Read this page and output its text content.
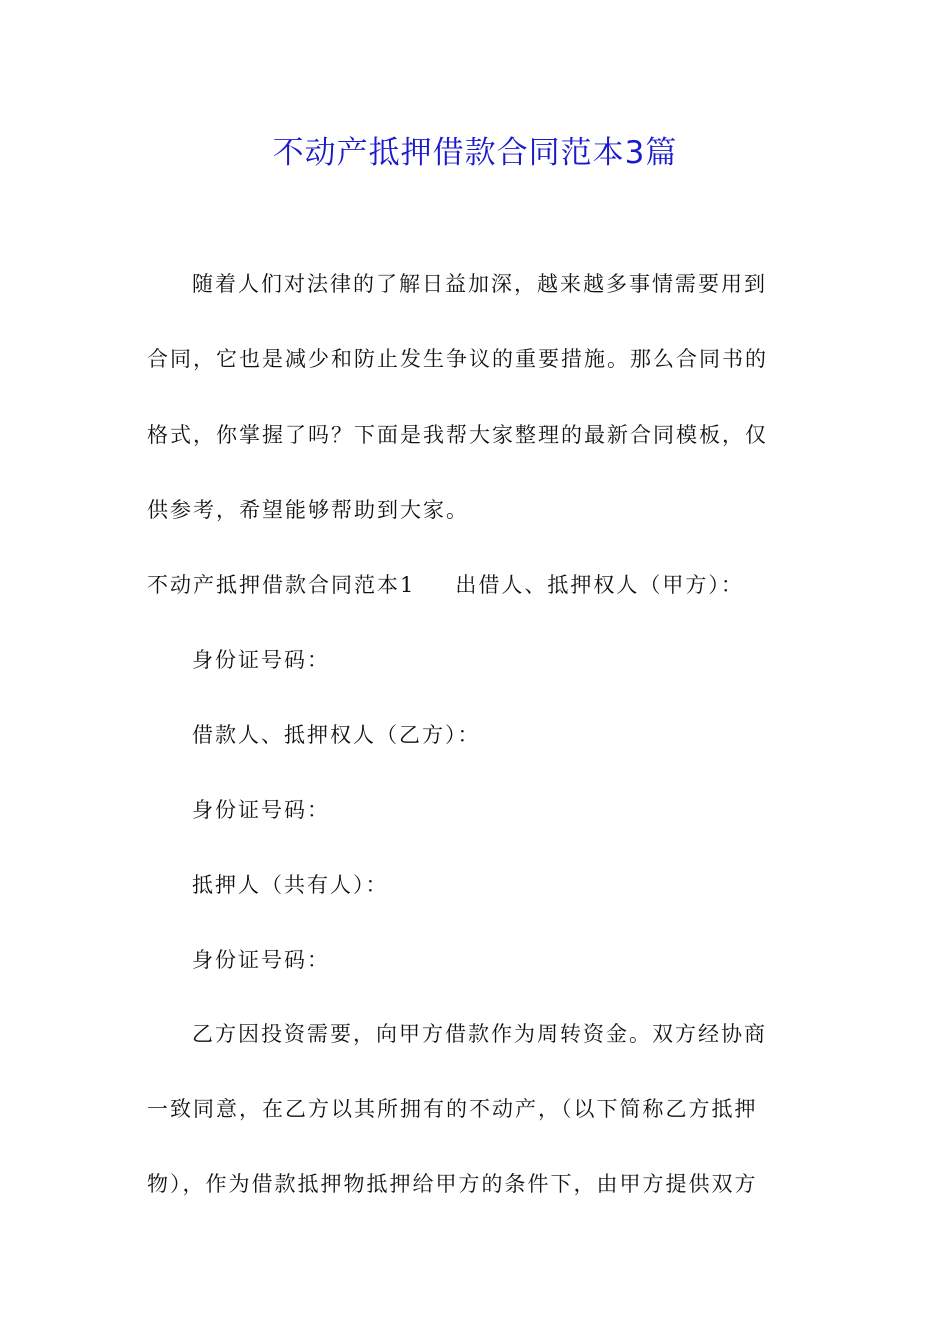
不动产抵押借款合同范本3篇
随着人们对法律的了解日益加深，越来越多事情需要用到
合同，它也是减少和防止发生争议的重要措施。那么合同书的
格式，你掌握了吗？下面是我帮大家整理的最新合同模板，仅
供参考，希望能够帮助到大家。
不动产抵押借款合同范本1 出借人、抵押权人（甲方）：
身份证号码：
借款人、抵押权人（乙方）：
身份证号码：
抵押人（共有人）：
身份证号码：
乙方因投资需要，向甲方借款作为周转资金。双方经协商
一致同意，在乙方以其所拥有的不动产，（以下简称乙方抵押
物），作为借款抵押物抵押给甲方的条件下，由甲方提供双方
